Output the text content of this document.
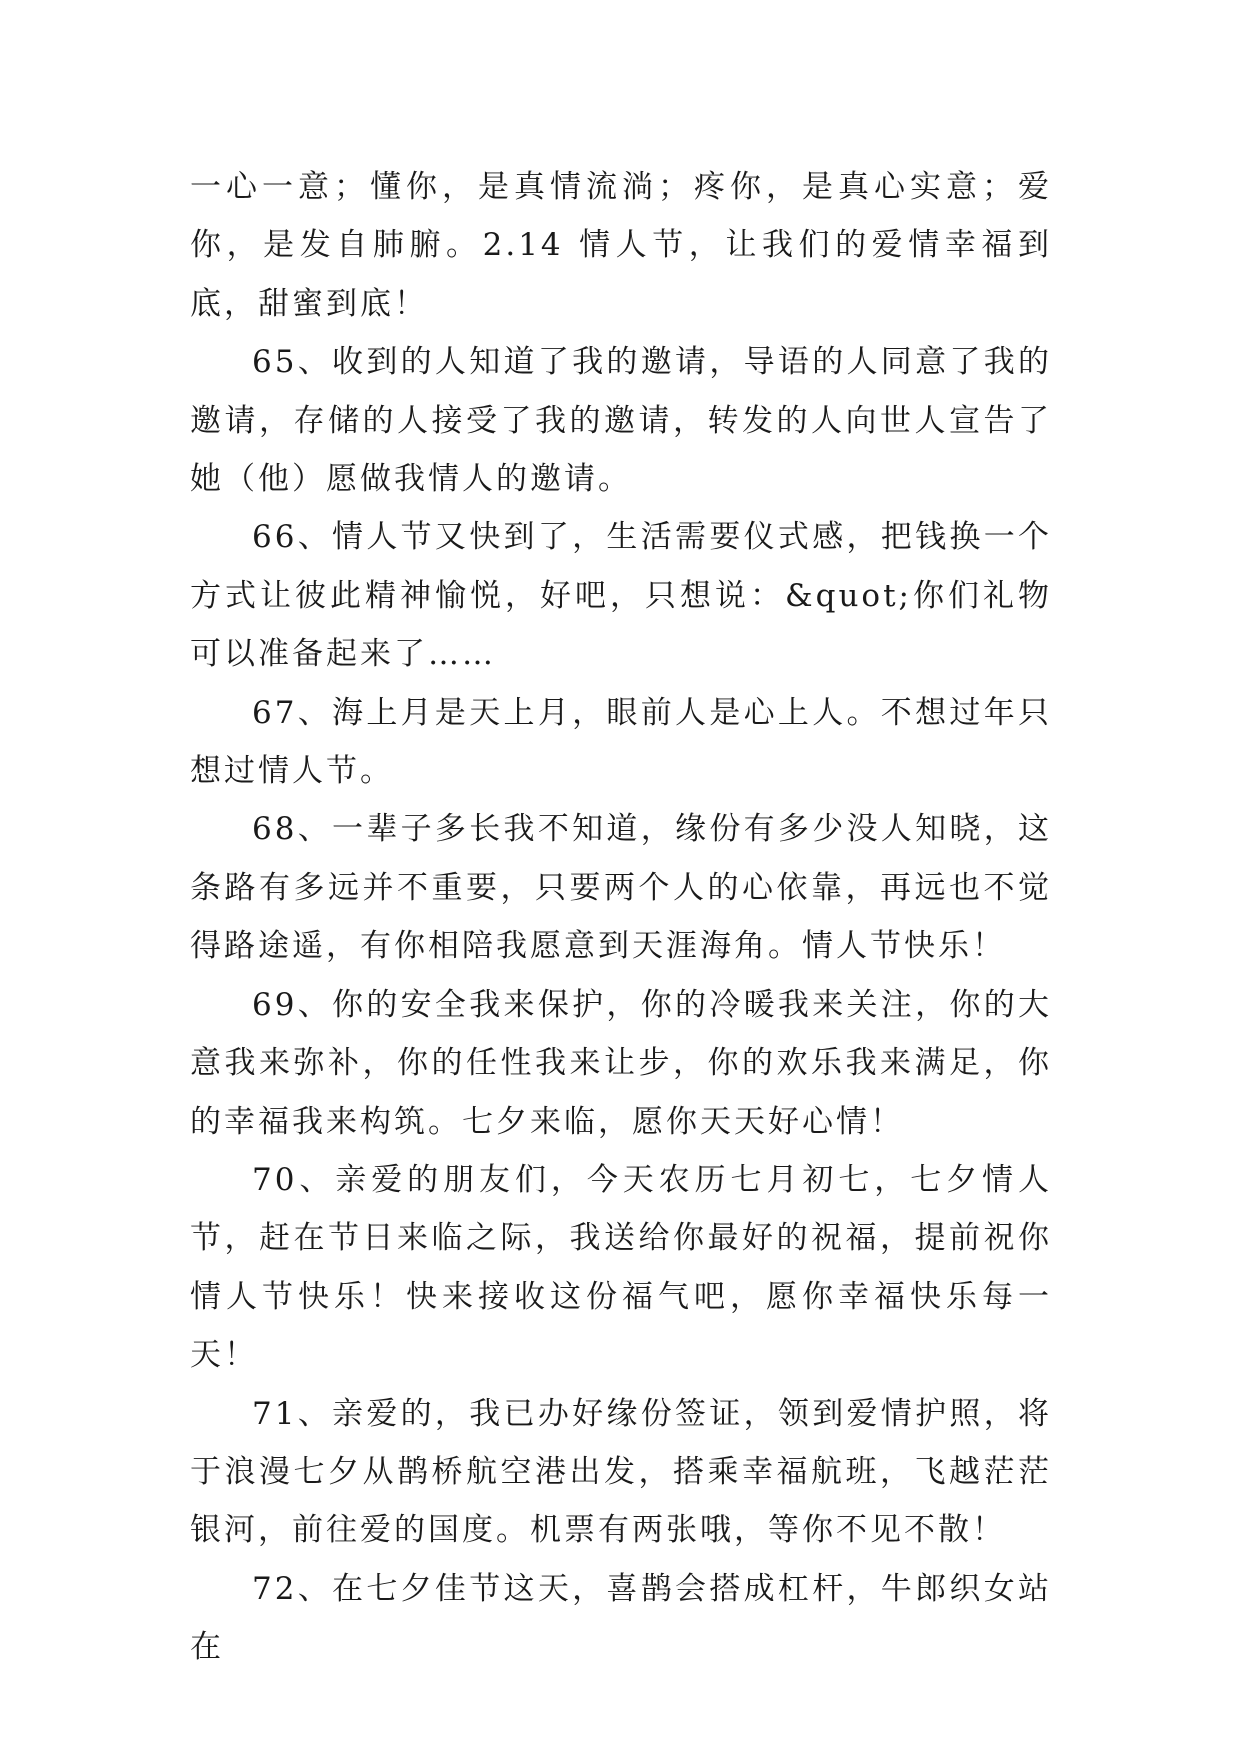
一心一意；懂你，是真情流淌；疼你，是真心实意；爱你，是发自肺腑。2.14 情人节，让我们的爱情幸福到底，甜蜜到底！

65、收到的人知道了我的邀请，导语的人同意了我的邀请，存储的人接受了我的邀请，转发的人向世人宣告了她（他）愿做我情人的邀请。

66、情人节又快到了，生活需要仪式感，把钱换一个方式让彼此精神愉悦，好吧，只想说：&quot;你们礼物可以准备起来了……

67、海上月是天上月，眼前人是心上人。不想过年只想过情人节。

68、一辈子多长我不知道，缘份有多少没人知晓，这条路有多远并不重要，只要两个人的心依靠，再远也不觉得路途遥，有你相陪我愿意到天涯海角。情人节快乐！

69、你的安全我来保护，你的冷暖我来关注，你的大意我来弥补，你的任性我来让步，你的欢乐我来满足，你的幸福我来构筑。七夕来临，愿你天天好心情！

70、亲爱的朋友们，今天农历七月初七，七夕情人节，赶在节日来临之际，我送给你最好的祝福，提前祝你情人节快乐！快来接收这份福气吧，愿你幸福快乐每一天！

71、亲爱的，我已办好缘份签证，领到爱情护照，将于浪漫七夕从鹊桥航空港出发，搭乘幸福航班，飞越茫茫银河，前往爱的国度。机票有两张哦，等你不见不散！

72、在七夕佳节这天，喜鹊会搭成杠杆，牛郎织女站在
